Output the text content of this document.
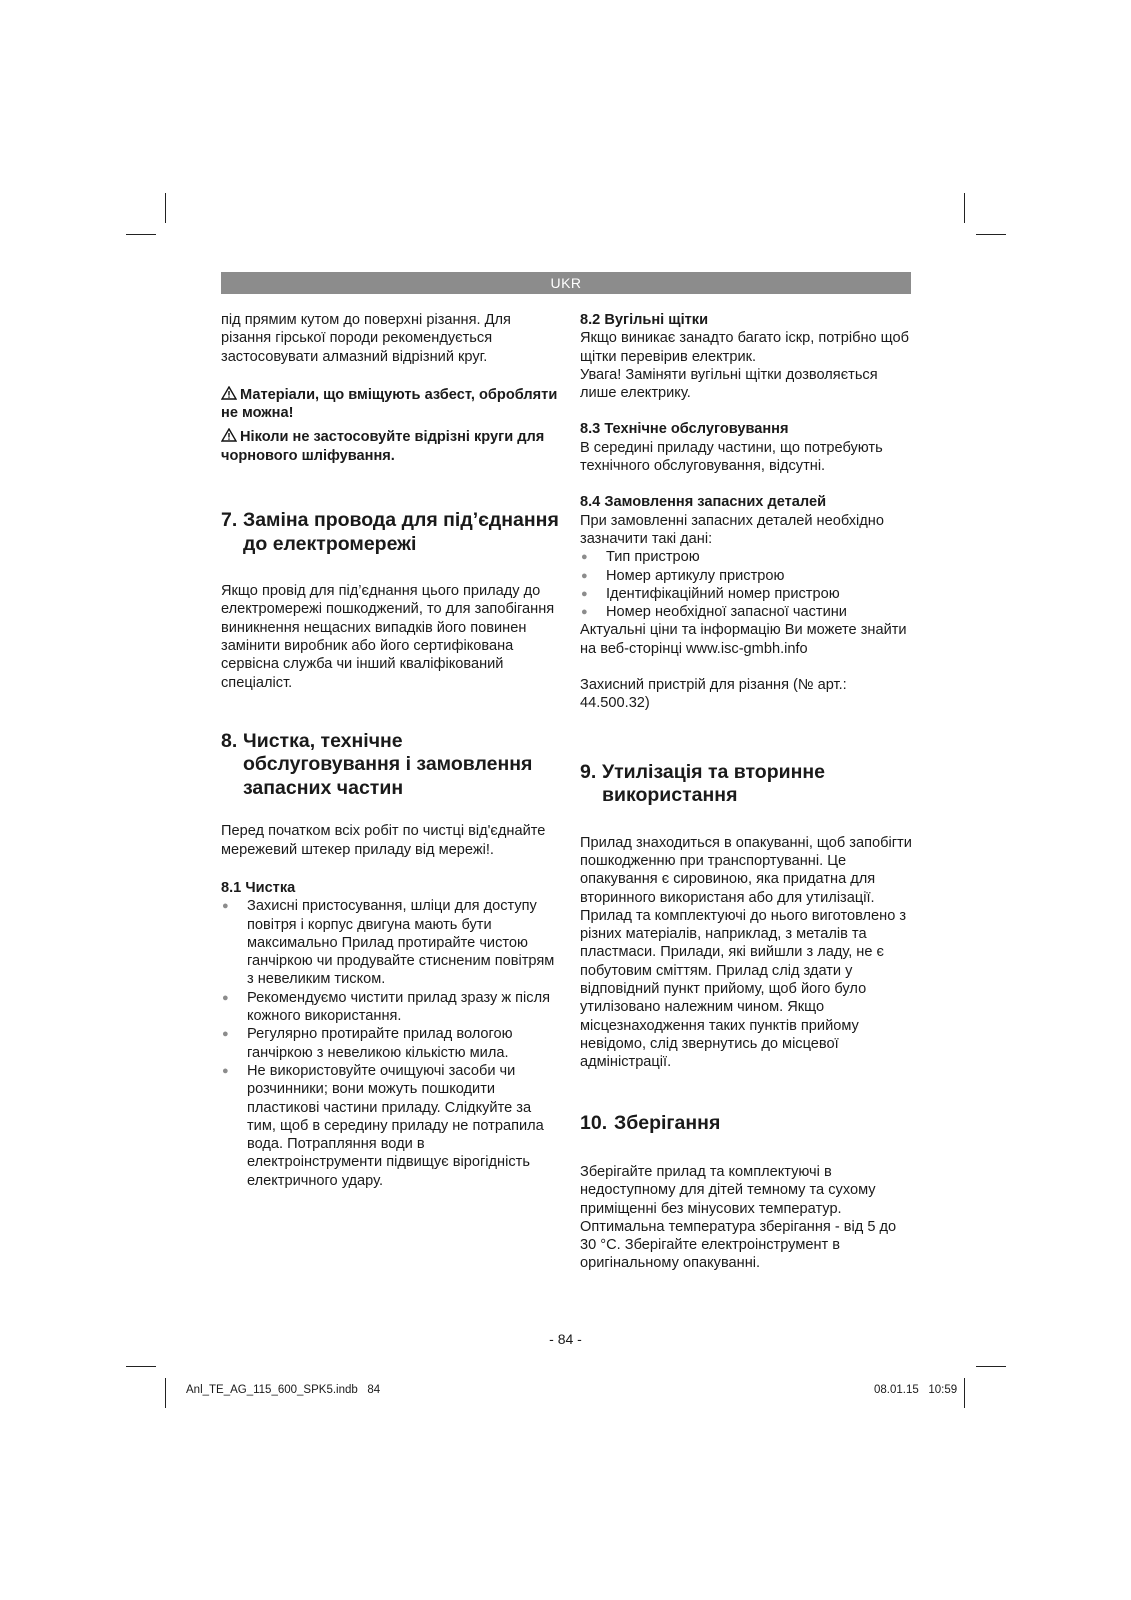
UKR

під прямим кутом до поверхні різання. Для різання гірської породи рекомендується застосовувати алмазний відрізний круг.

Матеріали, що вміщують азбест, обробляти не можна!

Ніколи не застосовуйте відрізні круги для чорнового шліфування.

7. Заміна провода для під’єднання
до електромережі

Якщо провід для під’єднання цього приладу до електромережі пошкоджений, то для запобігання виникнення нещасних випадків його повинен замінити виробник або його сертифікована сервісна служба чи інший кваліфікований спеціаліст.

8. Чистка, технічне
обслуговування і замовлення
запасних частин

Перед початком всіх робіт по чистці від'єднайте мережевий штекер приладу від мережі!.

8.1 Чистка
● Захисні пристосування, шліци для доступу повітря і корпус двигуна мають бути максимально Прилад протирайте чистою ганчіркою чи продувайте стисненим повітрям з невеликим тиском.
● Рекомендуємо чистити прилад зразу ж після кожного використання.
● Регулярно протирайте прилад вологою ганчіркою з невеликою кількістю мила.
● Не використовуйте очищуючі засоби чи розчинники; вони можуть пошкодити пластикові частини приладу. Слідкуйте за тим, щоб в середину приладу не потрапила вода. Потрапляння води в електроінструменти підвищує вірогідність електричного удару.
8.2 Вугільні щітки

Якщо виникає занадто багато іскр, потрібно щоб щітки перевірив електрик.

Увага! Заміняти вугільні щітки дозволяється лише електрику.

8.3 Технічне обслуговування

В середині приладу частини, що потребують технічного обслуговування, відсутні.

8.4 Замовлення запасних деталей

При замовленні запасних деталей необхідно зазначити такі дані:

● Тип пристрою
● Номер артикулу пристрою
● Ідентифікаційний номер пристрою
● Номер необхідної запасної частини

Актуальні ціни та інформацію Ви можете знайти на веб-сторінці www.isc-gmbh.info

Захисний пристрій для різання (№ арт.: 44.500.32)

9. Утилізація та вторинне
використання

Прилад знаходиться в опакуванні, щоб запобігти пошкодженню при транспортуванні. Це опакування є сировиною, яка придатна для вторинного використаня або для утилізації. Прилад та комплектуючі до нього виготовлено з різних матеріалів, наприклад, з металів та пластмаси. Прилади, які вийшли з ладу, не є побутовим сміттям. Прилад слід здати у відповідний пункт прийому, щоб його було утилізовано належним чином. Якщо місцезнаходження таких пунктів прийому невідомо, слід звернутись до місцевої адміністрації.

10. Зберігання

Зберігайте прилад та комплектуючі в недоступному для дітей темному та сухому приміщенні без мінусових температур. Оптимальна температура зберігання - від 5 до 30 °C. Зберігайте електроінструмент в оригінальному опакуванні.

- 84 -
Anl_TE_AG_115_600_SPK5.indb   84	08.01.15   10:59
